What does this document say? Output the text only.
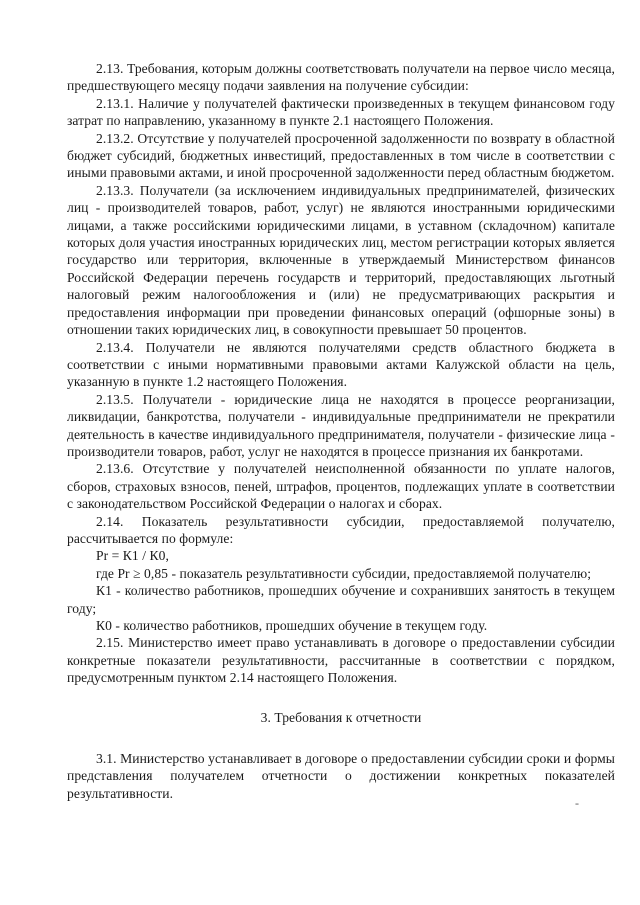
2.13. Требования, которым должны соответствовать получатели на первое число месяца, предшествующего месяцу подачи заявления на получение субсидии:

2.13.1. Наличие у получателей фактически произведенных в текущем финансовом году затрат по направлению, указанному в пункте 2.1 настоящего Положения.

2.13.2. Отсутствие у получателей просроченной задолженности по возврату в областной бюджет субсидий, бюджетных инвестиций, предоставленных в том числе в соответствии с иными правовыми актами, и иной просроченной задолженности перед областным бюджетом.

2.13.3. Получатели (за исключением индивидуальных предпринимателей, физических лиц - производителей товаров, работ, услуг) не являются иностранными юридическими лицами, а также российскими юридическими лицами, в уставном (складочном) капитале которых доля участия иностранных юридических лиц, местом регистрации которых является государство или территория, включенные в утверждаемый Министерством финансов Российской Федерации перечень государств и территорий, предоставляющих льготный налоговый режим налогообложения и (или) не предусматривающих раскрытия и предоставления информации при проведении финансовых операций (офшорные зоны) в отношении таких юридических лиц, в совокупности превышает 50 процентов.

2.13.4. Получатели не являются получателями средств областного бюджета в соответствии с иными нормативными правовыми актами Калужской области на цель, указанную в пункте 1.2 настоящего Положения.

2.13.5. Получатели - юридические лица не находятся в процессе реорганизации, ликвидации, банкротства, получатели - индивидуальные предприниматели не прекратили деятельность в качестве индивидуального предпринимателя, получатели - физические лица - производители товаров, работ, услуг не находятся в процессе признания их банкротами.

2.13.6. Отсутствие у получателей неисполненной обязанности по уплате налогов, сборов, страховых взносов, пеней, штрафов, процентов, подлежащих уплате в соответствии с законодательством Российской Федерации о налогах и сборах.

2.14. Показатель результативности субсидии, предоставляемой получателю, рассчитывается по формуле:

Рr = К1 / К0,

где Рr ≥ 0,85 - показатель результативности субсидии, предоставляемой получателю;

К1 - количество работников, прошедших обучение и сохранивших занятость в текущем году;

К0 - количество работников, прошедших обучение в текущем году.

2.15. Министерство имеет право устанавливать в договоре о предоставлении субсидии конкретные показатели результативности, рассчитанные в соответствии с порядком, предусмотренным пунктом 2.14 настоящего Положения.

3. Требования к отчетности

3.1. Министерство устанавливает в договоре о предоставлении субсидии сроки и формы представления получателем отчетности о достижении конкретных показателей результативности.

-
